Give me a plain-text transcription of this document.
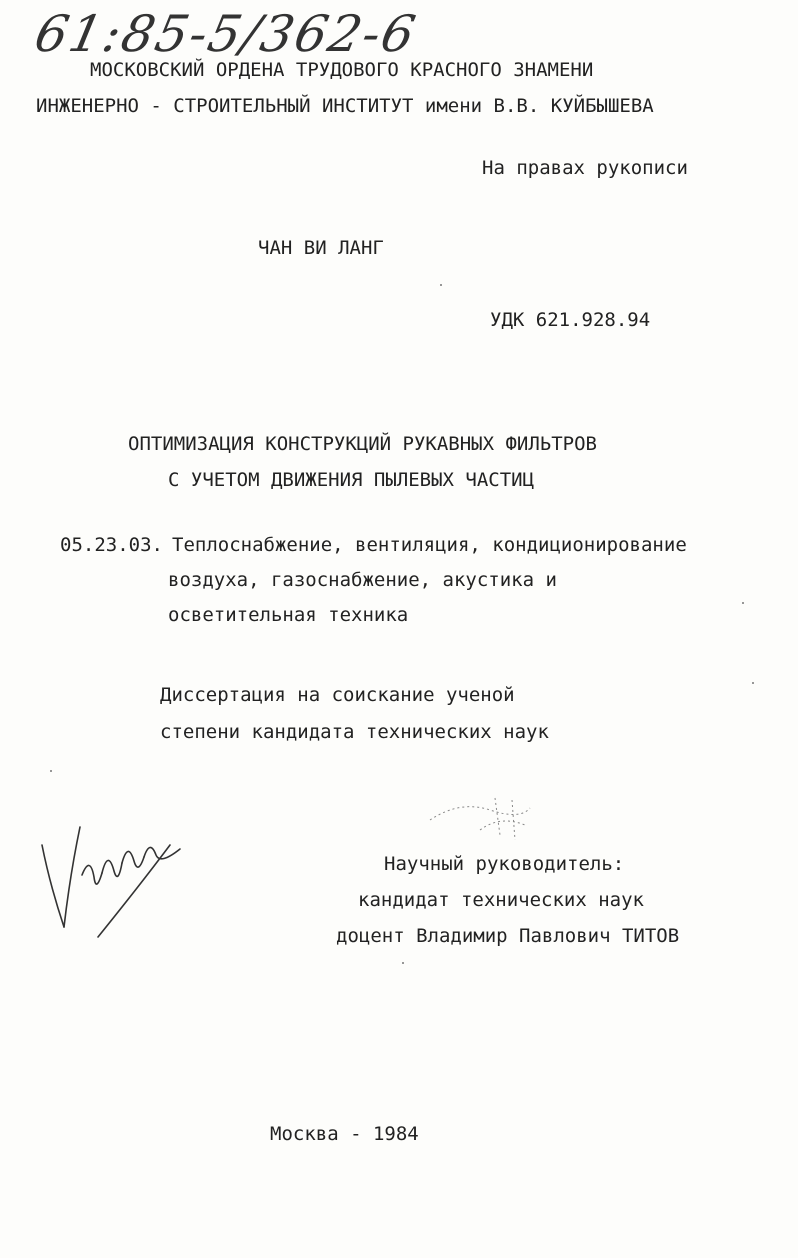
61:85-5/362-6
МОСКОВСКИЙ ОРДЕНА ТРУДОВОГО КРАСНОГО ЗНАМЕНИ
ИНЖЕНЕРНО - СТРОИТЕЛЬНЫЙ ИНСТИТУТ имени В.В. КУЙБЫШЕВА
На правах рукописи
ЧАН ВИ ЛАНГ
УДК 621.928.94
ОПТИМИЗАЦИЯ КОНСТРУКЦИЙ РУКАВНЫХ ФИЛЬТРОВ
С УЧЕТОМ ДВИЖЕНИЯ ПЫЛЕВЫХ ЧАСТИЦ
05.23.03. Теплоснабжение, вентиляция, кондиционирование
воздуха, газоснабжение, акустика и
осветительная техника
Диссертация на соискание ученой
степени кандидата технических наук
Научный руководитель:
кандидат технических наук
доцент Владимир Павлович ТИТОВ
Москва - 1984
